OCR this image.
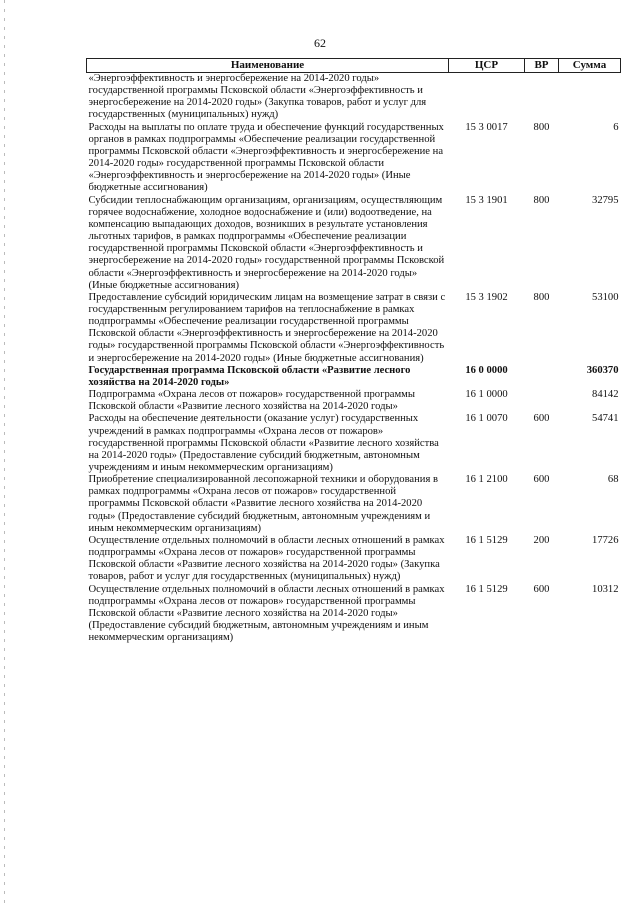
62
Наименование	ЦСР	ВР	Сумма
«Энергоэффективность и энергосбережение на 2014-2020 годы» государственной программы Псковской области «Энергоэффективность и энергосбережение на 2014-2020 годы» (Закупка товаров, работ и услуг для государственных (муниципальных) нужд)			
Расходы на выплаты по оплате труда и обеспечение функций государственных органов в рамках подпрограммы «Обеспечение реализации государственной программы Псковской области «Энергоэффективность и энергосбережение на 2014-2020 годы» государственной программы Псковской области «Энергоэффективность и энергосбережение на 2014-2020 годы» (Иные бюджетные ассигнования)	15 3 0017	800	6
Субсидии теплоснабжающим организациям, организациям, осуществляющим горячее водоснабжение, холодное водоснабжение и (или) водоотведение, на компенсацию выпадающих доходов, возникших в результате установления льготных тарифов, в рамках подпрограммы «Обеспечение реализации государственной программы Псковской области «Энергоэффективность и энергосбережение на 2014-2020 годы» государственной программы Псковской области «Энергоэффективность и энергосбережение на 2014-2020 годы» (Иные бюджетные ассигнования)	15 3 1901	800	32795
Предоставление субсидий юридическим лицам на возмещение затрат в связи с государственным регулированием тарифов на теплоснабжение в рамках подпрограммы «Обеспечение реализации государственной программы Псковской области «Энергоэффективность и энергосбережение на 2014-2020 годы» государственной программы Псковской области «Энергоэффективность и энергосбережение на 2014-2020 годы» (Иные бюджетные ассигнования)	15 3 1902	800	53100
Государственная программа Псковской области «Развитие лесного хозяйства на 2014-2020 годы»	16 0 0000		360370
Подпрограмма «Охрана лесов от пожаров» государственной программы Псковской области «Развитие лесного хозяйства на 2014-2020 годы»	16 1 0000		84142
Расходы на обеспечение деятельности (оказание услуг) государственных учреждений в рамках подпрограммы «Охрана лесов от пожаров» государственной программы Псковской области «Развитие лесного хозяйства на 2014-2020 годы» (Предоставление субсидий бюджетным, автономным учреждениям и иным некоммерческим организациям)	16 1 0070	600	54741
Приобретение специализированной лесопожарной техники и оборудования в рамках подпрограммы «Охрана лесов от пожаров» государственной программы Псковской области «Развитие лесного хозяйства на 2014-2020 годы» (Предоставление субсидий бюджетным, автономным учреждениям и иным некоммерческим организациям)	16 1 2100	600	68
Осуществление отдельных полномочий в области лесных отношений в рамках подпрограммы «Охрана лесов от пожаров» государственной программы Псковской области «Развитие лесного хозяйства на 2014-2020 годы» (Закупка товаров, работ и услуг для государственных (муниципальных) нужд)	16 1 5129	200	17726
Осуществление отдельных полномочий в области лесных отношений в рамках подпрограммы «Охрана лесов от пожаров» государственной программы Псковской области «Развитие лесного хозяйства на 2014-2020 годы» (Предоставление субсидий бюджетным, автономным учреждениям и иным некоммерческим организациям)	16 1 5129	600	10312
